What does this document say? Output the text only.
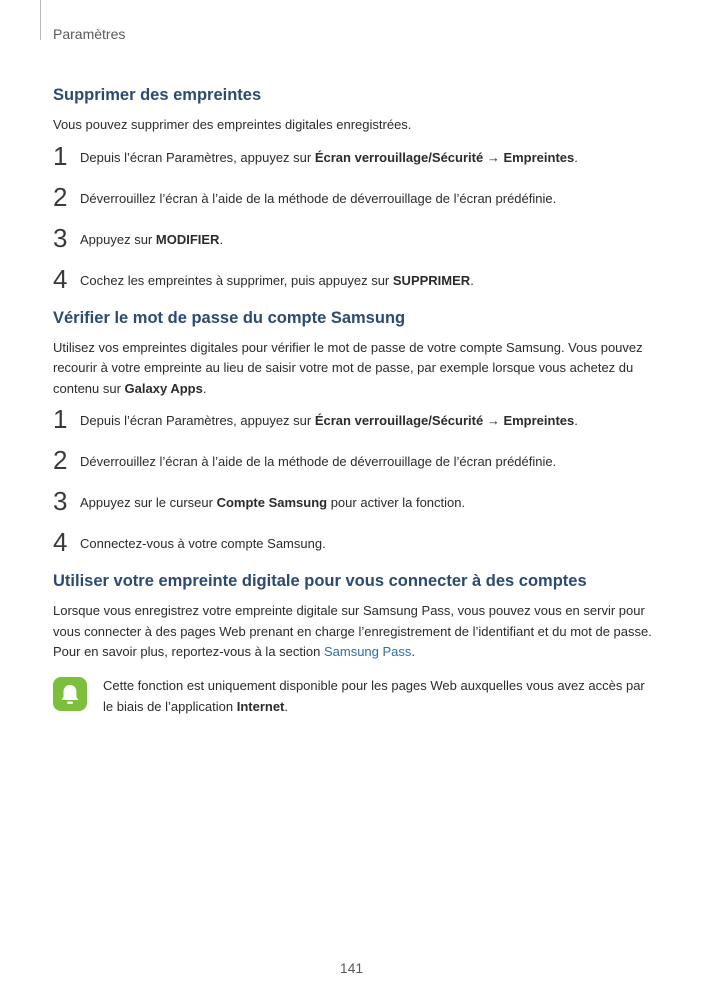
Paramètres
Supprimer des empreintes

Vous pouvez supprimer des empreintes digitales enregistrées.

1 Depuis l’écran Paramètres, appuyez sur Écran verrouillage/Sécurité → Empreintes.
2 Déverrouillez l’écran à l’aide de la méthode de déverrouillage de l’écran prédéfinie.
3 Appuyez sur MODIFIER.
4 Cochez les empreintes à supprimer, puis appuyez sur SUPPRIMER.
Vérifier le mot de passe du compte Samsung

Utilisez vos empreintes digitales pour vérifier le mot de passe de votre compte Samsung. Vous pouvez recourir à votre empreinte au lieu de saisir votre mot de passe, par exemple lorsque vous achetez du contenu sur Galaxy Apps.

1 Depuis l’écran Paramètres, appuyez sur Écran verrouillage/Sécurité → Empreintes.
2 Déverrouillez l’écran à l’aide de la méthode de déverrouillage de l’écran prédéfinie.
3 Appuyez sur le curseur Compte Samsung pour activer la fonction.
4 Connectez-vous à votre compte Samsung.
Utiliser votre empreinte digitale pour vous connecter à des comptes

Lorsque vous enregistrez votre empreinte digitale sur Samsung Pass, vous pouvez vous en servir pour vous connecter à des pages Web prenant en charge l’enregistrement de l’identifiant et du mot de passe. Pour en savoir plus, reportez-vous à la section Samsung Pass.

Cette fonction est uniquement disponible pour les pages Web auxquelles vous avez accès par le biais de l’application Internet.
141
